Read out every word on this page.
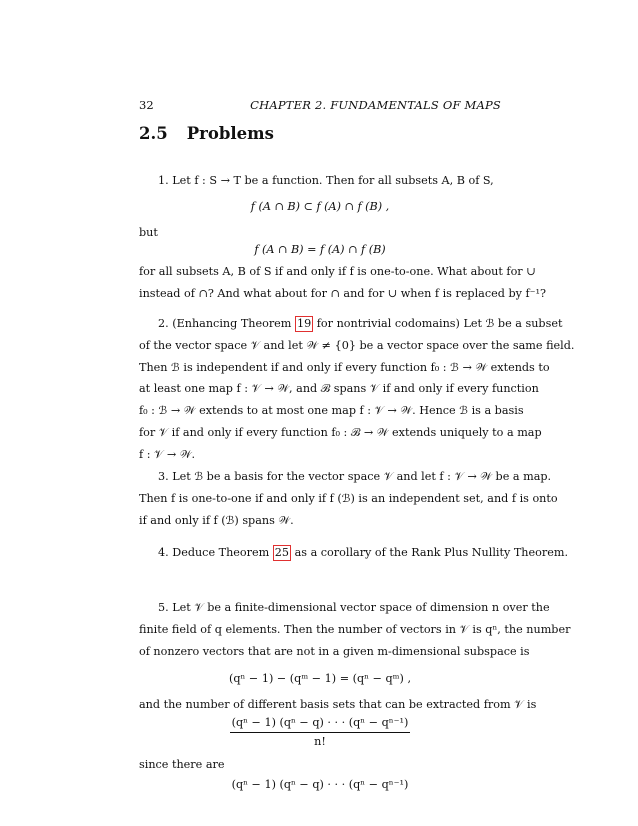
32	CHAPTER 2. FUNDAMENTALS OF MAPS
2.5 Problems
1. Let f : S → T be a function. Then for all subsets A, B of S,
f (A ∩ B) ⊂ f (A) ∩ f (B) ,
but
f (A ∩ B) = f (A) ∩ f (B)
for all subsets A, B of S if and only if f is one-to-one. What about for ∪
instead of ∩? And what about for ∩ and for ∪ when f is replaced by f⁻¹?
2. (Enhancing Theorem 19 for nontrivial codomains) Let ℬ be a subset
of the vector space 𝒱 and let 𝒲 ≠ {0} be a vector space over the same field.
Then ℬ is independent if and only if every function f₀ : ℬ → 𝒲 extends to
at least one map f : 𝒱 → 𝒲, and ℬ spans 𝒱 if and only if every function
f₀ : ℬ → 𝒲 extends to at most one map f : 𝒱 → 𝒲. Hence ℬ is a basis
for 𝒱 if and only if every function f₀ : ℬ → 𝒲 extends uniquely to a map
f : 𝒱 → 𝒲.
3. Let ℬ be a basis for the vector space 𝒱 and let f : 𝒱 → 𝒲 be a map.
Then f is one-to-one if and only if f (ℬ) is an independent set, and f is onto
if and only if f (ℬ) spans 𝒲.
4. Deduce Theorem 25 as a corollary of the Rank Plus Nullity Theorem.
5. Let 𝒱 be a finite-dimensional vector space of dimension n over the
finite field of q elements. Then the number of vectors in 𝒱 is qⁿ, the number
of nonzero vectors that are not in a given m-dimensional subspace is
(qⁿ − 1) − (qᵐ − 1) = (qⁿ − qᵐ) ,
and the number of different basis sets that can be extracted from 𝒱 is
$\frac{\text{(qⁿ − 1) (qⁿ − q) · · · (qⁿ − qⁿ⁻¹)}}{n!}$
since there are
(qⁿ − 1) (qⁿ − q) · · · (qⁿ − qⁿ⁻¹)
